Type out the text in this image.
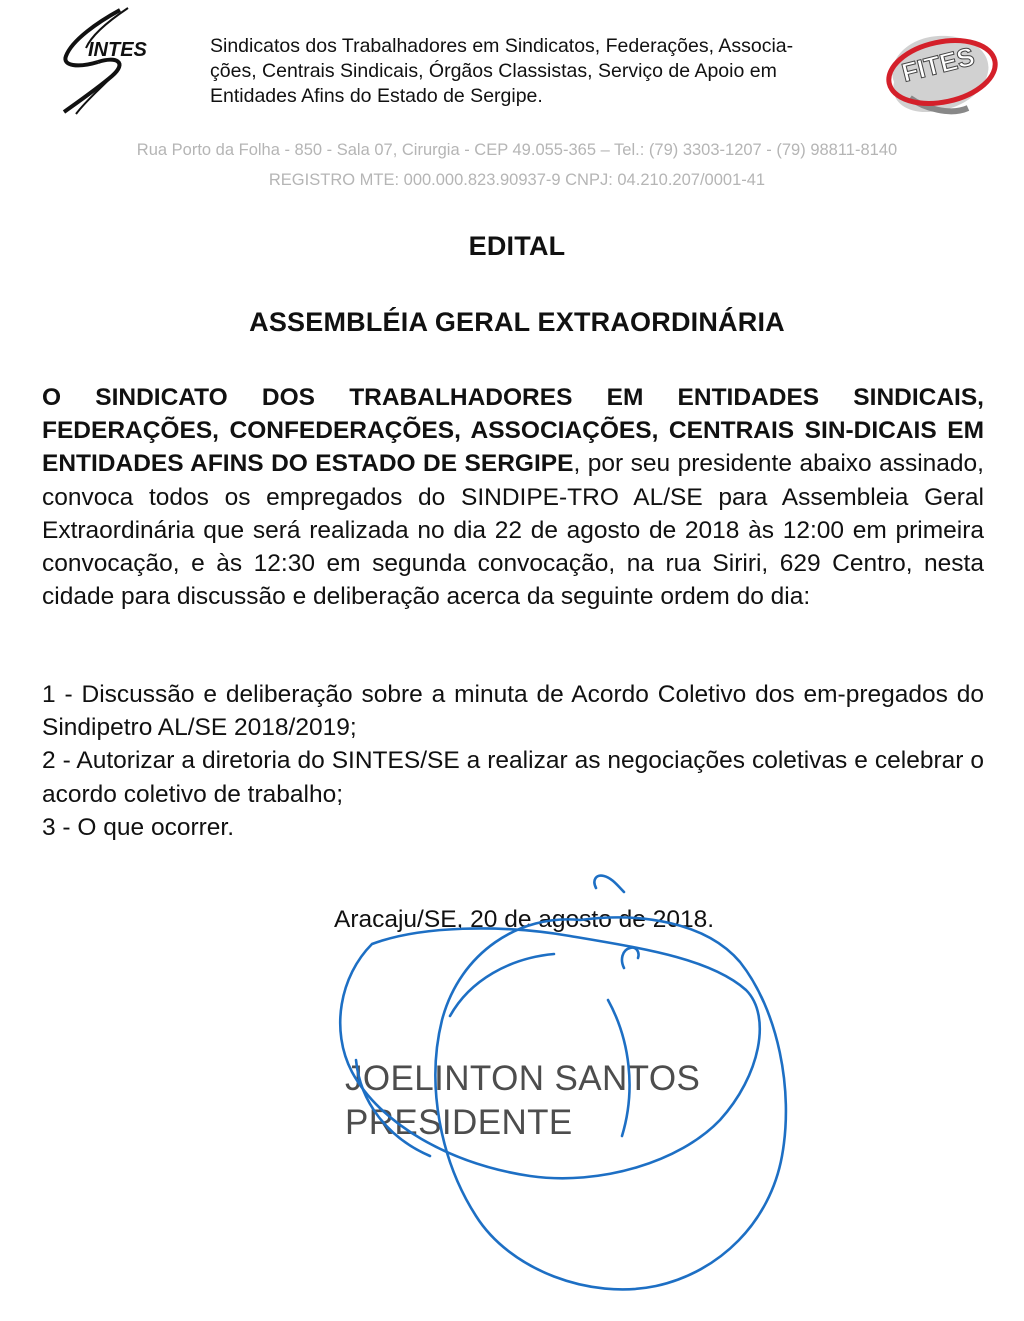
INTES	Sindicatos dos Trabalhadores em Sindicatos, Federações, Associa-
ções, Centrais Sindicais, Órgãos Classistas, Serviço de Apoio em
Entidades Afins do Estado de Sergipe.
FITES
Rua Porto da Folha - 850 - Sala 07, Cirurgia - CEP 49.055-365 – Tel.: (79) 3303-1207 - (79) 98811-8140
REGISTRO MTE: 000.000.823.90937-9 CNPJ: 04.210.207/0001-41
EDITAL
ASSEMBLÉIA GERAL EXTRAORDINÁRIA

O SINDICATO DOS TRABALHADORES EM ENTIDADES SINDICAIS, FEDERAÇÕES, CONFEDERAÇÕES, ASSOCIAÇÕES, CENTRAIS SIN-DICAIS EM ENTIDADES AFINS DO ESTADO DE SERGIPE, por seu presidente abaixo assinado, convoca todos os empregados do SINDIPE-TRO AL/SE para Assembleia Geral Extraordinária que será realizada no dia 22 de agosto de 2018 às 12:00 em primeira convocação, e às 12:30 em segunda convocação, na rua Siriri, 629 Centro, nesta cidade para discussão e deliberação acerca da seguinte ordem do dia:

1 - Discussão e deliberação sobre a minuta de Acordo Coletivo dos em-pregados do Sindipetro AL/SE 2018/2019;
2 - Autorizar a diretoria do SINTES/SE a realizar as negociações coletivas e celebrar o acordo coletivo de trabalho;
3 - O que ocorrer.
Aracaju/SE, 20 de agosto de 2018.
JOELINTON SANTOS
PRESIDENTE
